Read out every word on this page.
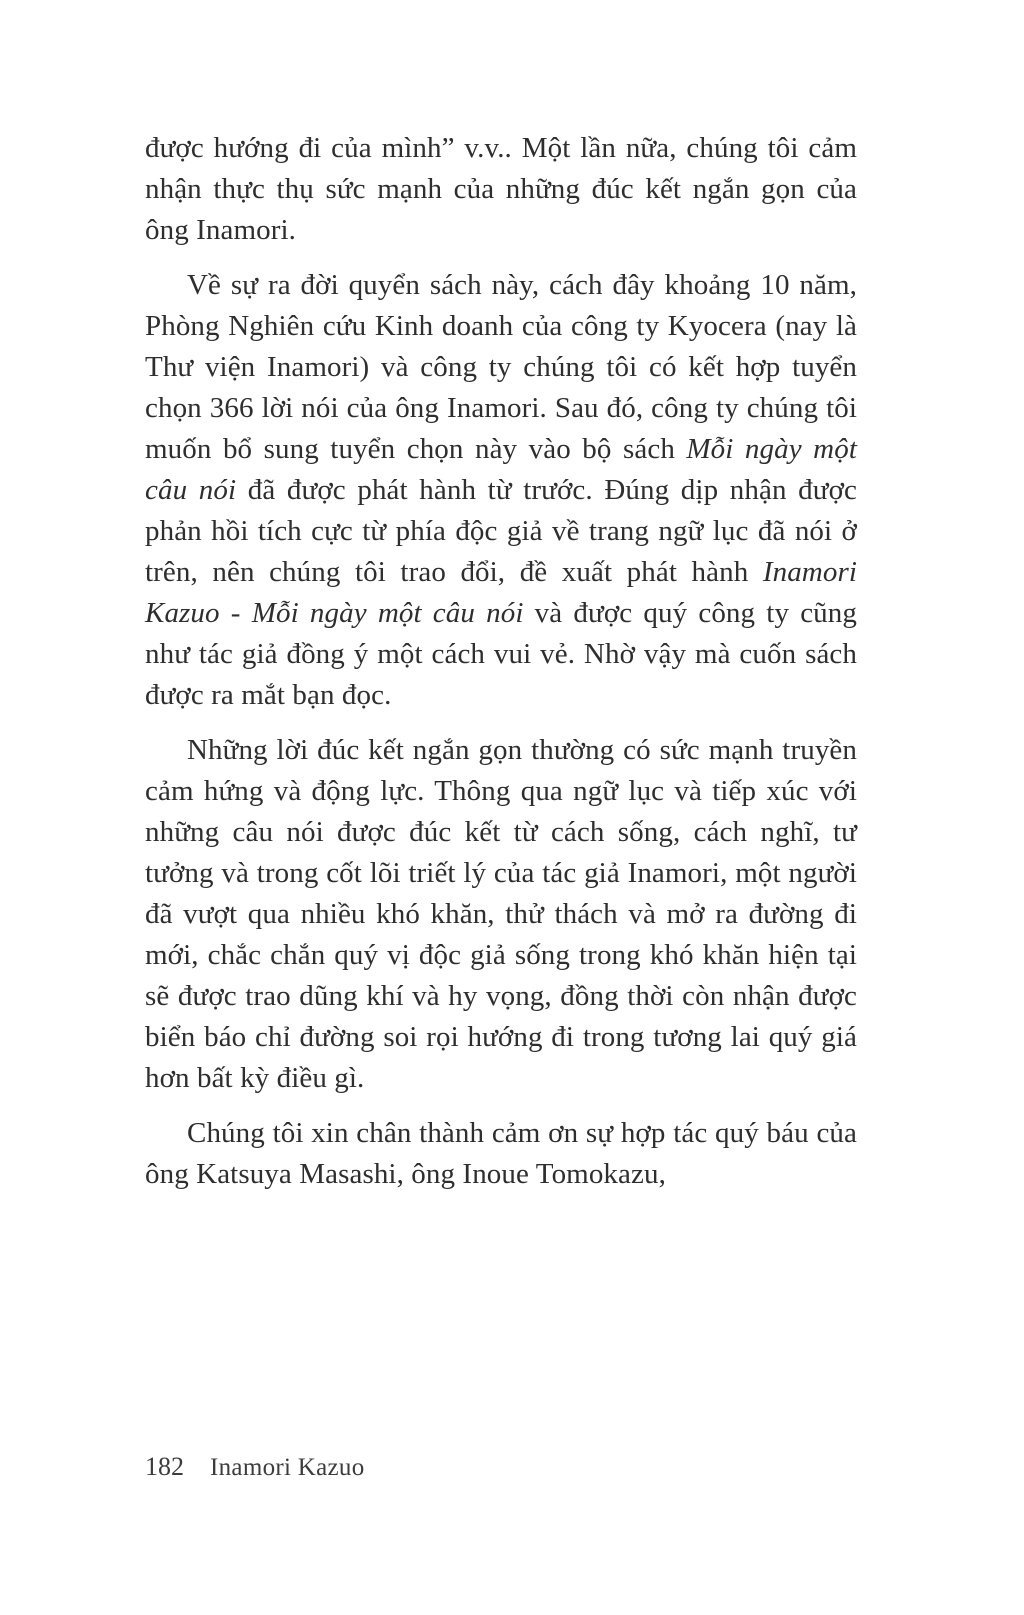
được hướng đi của mình” v.v.. Một lần nữa, chúng tôi cảm nhận thực thụ sức mạnh của những đúc kết ngắn gọn của ông Inamori.

Về sự ra đời quyển sách này, cách đây khoảng 10 năm, Phòng Nghiên cứu Kinh doanh của công ty Kyocera (nay là Thư viện Inamori) và công ty chúng tôi có kết hợp tuyển chọn 366 lời nói của ông Inamori. Sau đó, công ty chúng tôi muốn bổ sung tuyển chọn này vào bộ sách Mỗi ngày một câu nói đã được phát hành từ trước. Đúng dịp nhận được phản hồi tích cực từ phía độc giả về trang ngữ lục đã nói ở trên, nên chúng tôi trao đổi, đề xuất phát hành Inamori Kazuo - Mỗi ngày một câu nói và được quý công ty cũng như tác giả đồng ý một cách vui vẻ. Nhờ vậy mà cuốn sách được ra mắt bạn đọc.

Những lời đúc kết ngắn gọn thường có sức mạnh truyền cảm hứng và động lực. Thông qua ngữ lục và tiếp xúc với những câu nói được đúc kết từ cách sống, cách nghĩ, tư tưởng và trong cốt lõi triết lý của tác giả Inamori, một người đã vượt qua nhiều khó khăn, thử thách và mở ra đường đi mới, chắc chắn quý vị độc giả sống trong khó khăn hiện tại sẽ được trao dũng khí và hy vọng, đồng thời còn nhận được biển báo chỉ đường soi rọi hướng đi trong tương lai quý giá hơn bất kỳ điều gì.

Chúng tôi xin chân thành cảm ơn sự hợp tác quý báu của ông Katsuya Masashi, ông Inoue Tomokazu,

182 Inamori Kazuo
